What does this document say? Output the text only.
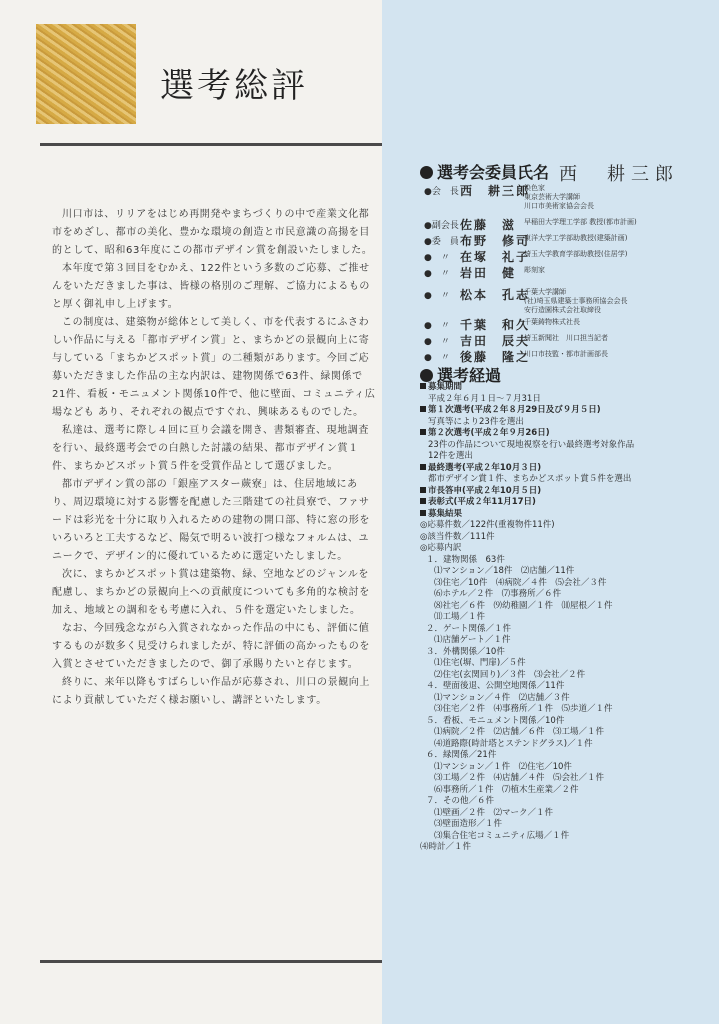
選考総評
西　耕三郎

川口市は、リリアをはじめ再開発やまちづくりの中で産業文化都市をめざし、都市の美化、豊かな環境の創造と市民意識の高揚を目的として、昭和63年度にこの都市デザイン賞を創設いたしました。

本年度で第３回目をむかえ、122件という多数のご応募、ご推せんをいただきました事は、皆様の格別のご理解、ご協力によるものと厚く御礼申し上げます。

この制度は、建築物が総体として美しく、市を代表するにふさわしい作品に与える「都市デザイン賞」と、まちかどの景観向上に寄与している「まちかどスポット賞」の二種類があります。今回ご応募いただきました作品の主な内訳は、建物関係で63件、緑関係で21件、看板・モニュメント関係10件で、他に壁面、コミュニティ広場なども あり、それぞれの観点ですぐれ、興味あるものでした。

私達は、選考に際し４回に亘り会議を開き、書類審査、現地調査を行い、最終選考会での白熱した討議の結果、都市デザイン賞１件、まちかどスポット賞５件を受賞作品として選びました。

都市デザイン賞の部の「銀座アスター蕨寮」は、住居地域にあり、周辺環境に対する影響を配慮した三階建ての社員寮で、ファサードは彩光を十分に取り入れるための建物の開口部、特に窓の形をいろいろと工夫するなど、陽気で明るい波打つ様なフォルムは、ユニークで、デザイン的に優れているために選定いたしました。

次に、まちかどスポット賞は建築物、緑、空地などのジャンルを配慮し、まちかどの景観向上への貢献度についても多角的な検討を加え、地域との調和をも考慮に入れ、５件を選定いたしました。

なお、今回残念ながら入賞されなかった作品の中にも、評価に値するものが数多く見受けられましたが、特に評価の高かったものを入賞とさせていただきましたので、御了承賜りたいと存じます。

終りに、来年以降もすばらしい作品が応募され、川口の景観向上により貢献していただく様お願いし、講評といたします。

選考会委員氏名
●会　長 西　耕三郎
染色家
東京芸術大学講師
川口市美術家協会会長
●副会長 佐藤　滋 早稲田大学理工学部 教授(都市計画)
●委　員 布野　修司
東洋大学工学部助教授(建築計画)
●　〃 在塚　礼子
埼玉大学教育学部助教授(住居学)
●　〃 岩田　健 彫刻家
●　〃 松本　孔志
千葉大学講師
(社)埼玉県建築士事務所協会会長
安行造園株式会社取締役
●　〃 千葉　和久
千葉鋳物株式社長
●　〃 吉田　辰夫
埼玉新聞社　川口担当記者
●　〃 後藤　隆之
川口市技監・都市計画部長
選考経過
募集期間
平成２年６月１日〜７月31日
第１次選考(平成２年８月29日及び９月５日)
写真等により23件を選出
第２次選考(平成２年９月26日)
23件の作品について現地視察を行い最終選考対象作品
12件を選出
最終選考(平成２年10月３日)
都市デザイン賞１件、まちかどスポット賞５件を選出
市長答申(平成２年10月５日)
表彰式(平成２年11月17日)
募集結果
◎応募件数／122件(重複物件11件)
◎該当件数／111件
◎応募内訳
１．建物関係　63件
⑴マンション／18件　⑵店舗／11件
⑶住宅／10件　⑷病院／４件　⑸会社／３件
⑹ホテル／２件　⑺事務所／６件
⑻社宅／６件　⑼幼稚園／１件　⑽屋根／１件
⑾工場／１件
２．ゲート関係／１件
⑴店舗ゲート／１件
３．外構関係／10件
⑴住宅(塀、門扉)／５件
⑵住宅(玄関回り)／３件　⑶会社／２件
４．壁面後退、公開空地関係／11件
⑴マンション／４件　⑵店舗／３件
⑶住宅／２件　⑷事務所／１件　⑸歩道／１件
５．看板、モニュメント関係／10件
⑴病院／２件　⑵店舗／６件　⑶工場／１件
⑷道路際(時計塔とステンドグラス)／１件
６．緑関係／21件
⑴マンション／１件　⑵住宅／10件
⑶工場／２件　⑷店舗／４件　⑸会社／１件
⑹事務所／１件　⑺植木生産業／２件
７．その他／６件
⑴壁画／２件　⑵マーク／１件
⑶壁面造形／１件
⑶集合住宅コミュニティ広場／１件
⑷時計／１件
